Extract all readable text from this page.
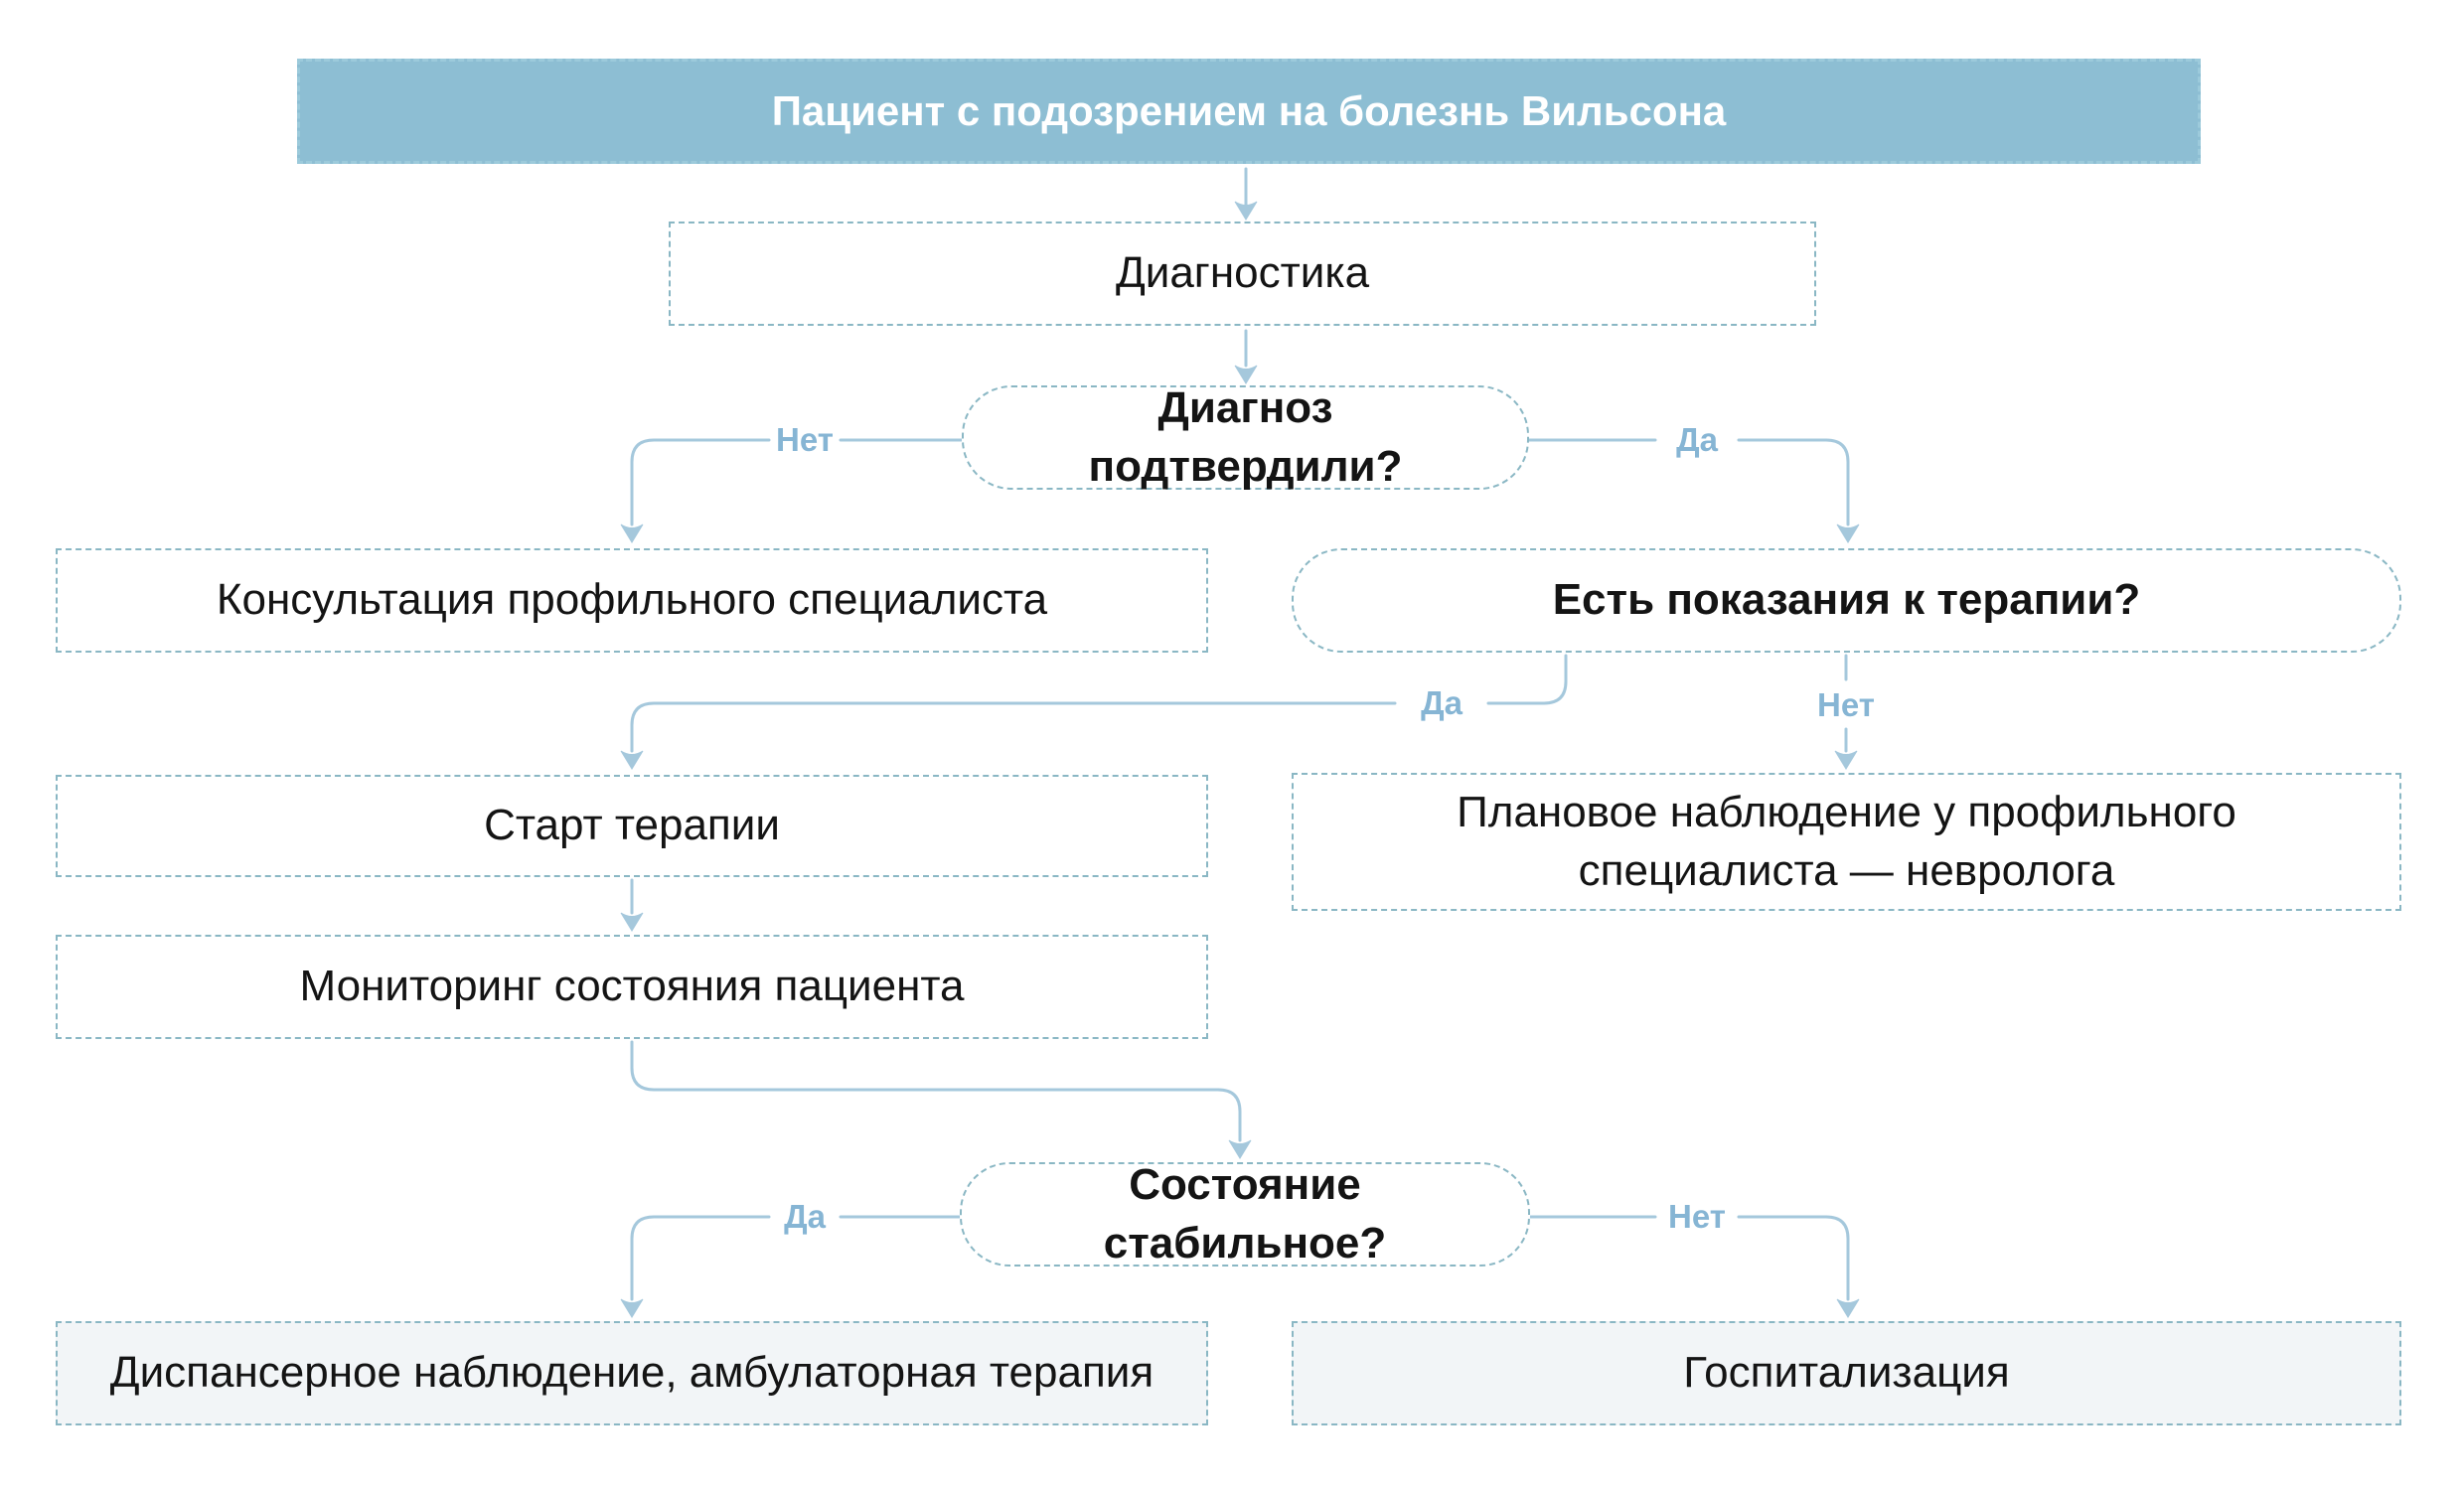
Пациент с подозрением на болезнь Вильсона
Диагностика
Диагноз подтвердили?
Консультация профильного специалиста	Есть показания к терапии?
Старт терапии	Плановое наблюдение у профильного специалиста — невролога
Мониторинг состояния пациента
Состояние стабильное?
Диспансерное наблюдение, амбулаторная терапия	Госпитализация
Нет	Да
Да	Нет
Да	Нет
